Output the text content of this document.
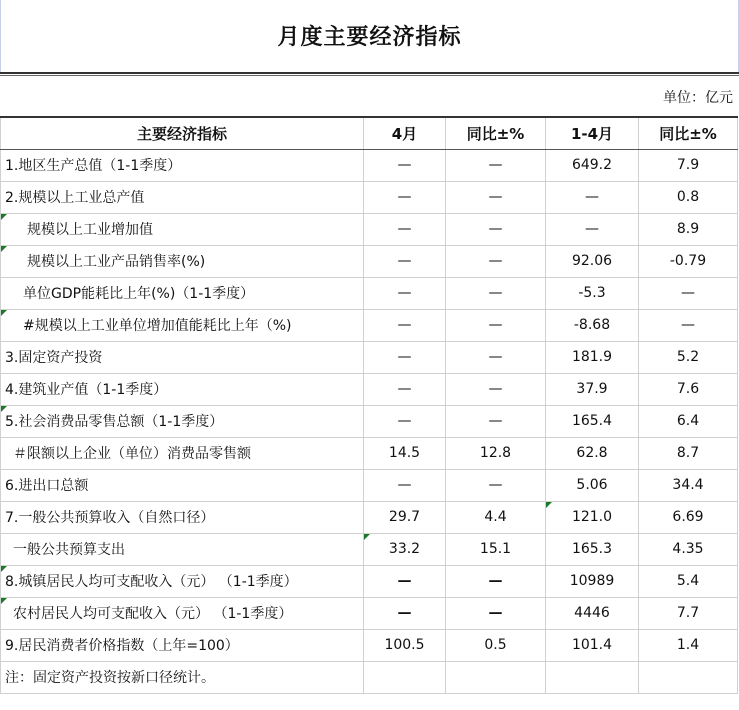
月度主要经济指标
单位：亿元
主要经济指标	4月	同比±%	1-4月	同比±%
1.地区生产总值（1-1季度）	—	—	649.2	7.9
2.规模以上工业总产值	—	—	—	0.8

规模以上工业增加值	—	—	—	8.9

规模以上工业产品销售率(%)	—	—	92.06	-0.79
单位GDP能耗比上年(%)（1-1季度）	—	—	-5.3	—

#规模以上工业单位增加值能耗比上年（%)	—	—	-8.68	—
3.固定资产投资	—	—	181.9	5.2
4.建筑业产值（1-1季度）	—	—	37.9	7.6

5.社会消费品零售总额（1-1季度）	—	—	165.4	6.4
＃限额以上企业（单位）消费品零售额	14.5	12.8	62.8	8.7
6.进出口总额	—	—	5.06	34.4
7.一般公共预算收入（自然口径）	29.7	4.4	121.0	6.69
一般公共预算支出	33.2	15.1	165.3	4.35

8.城镇居民人均可支配收入（元） （1-1季度）	—	—	10989	5.4

农村居民人均可支配收入（元） （1-1季度）	—	—	4446	7.7
9.居民消费者价格指数（上年=100）	100.5	0.5	101.4	1.4
注：固定资产投资按新口径统计。				
